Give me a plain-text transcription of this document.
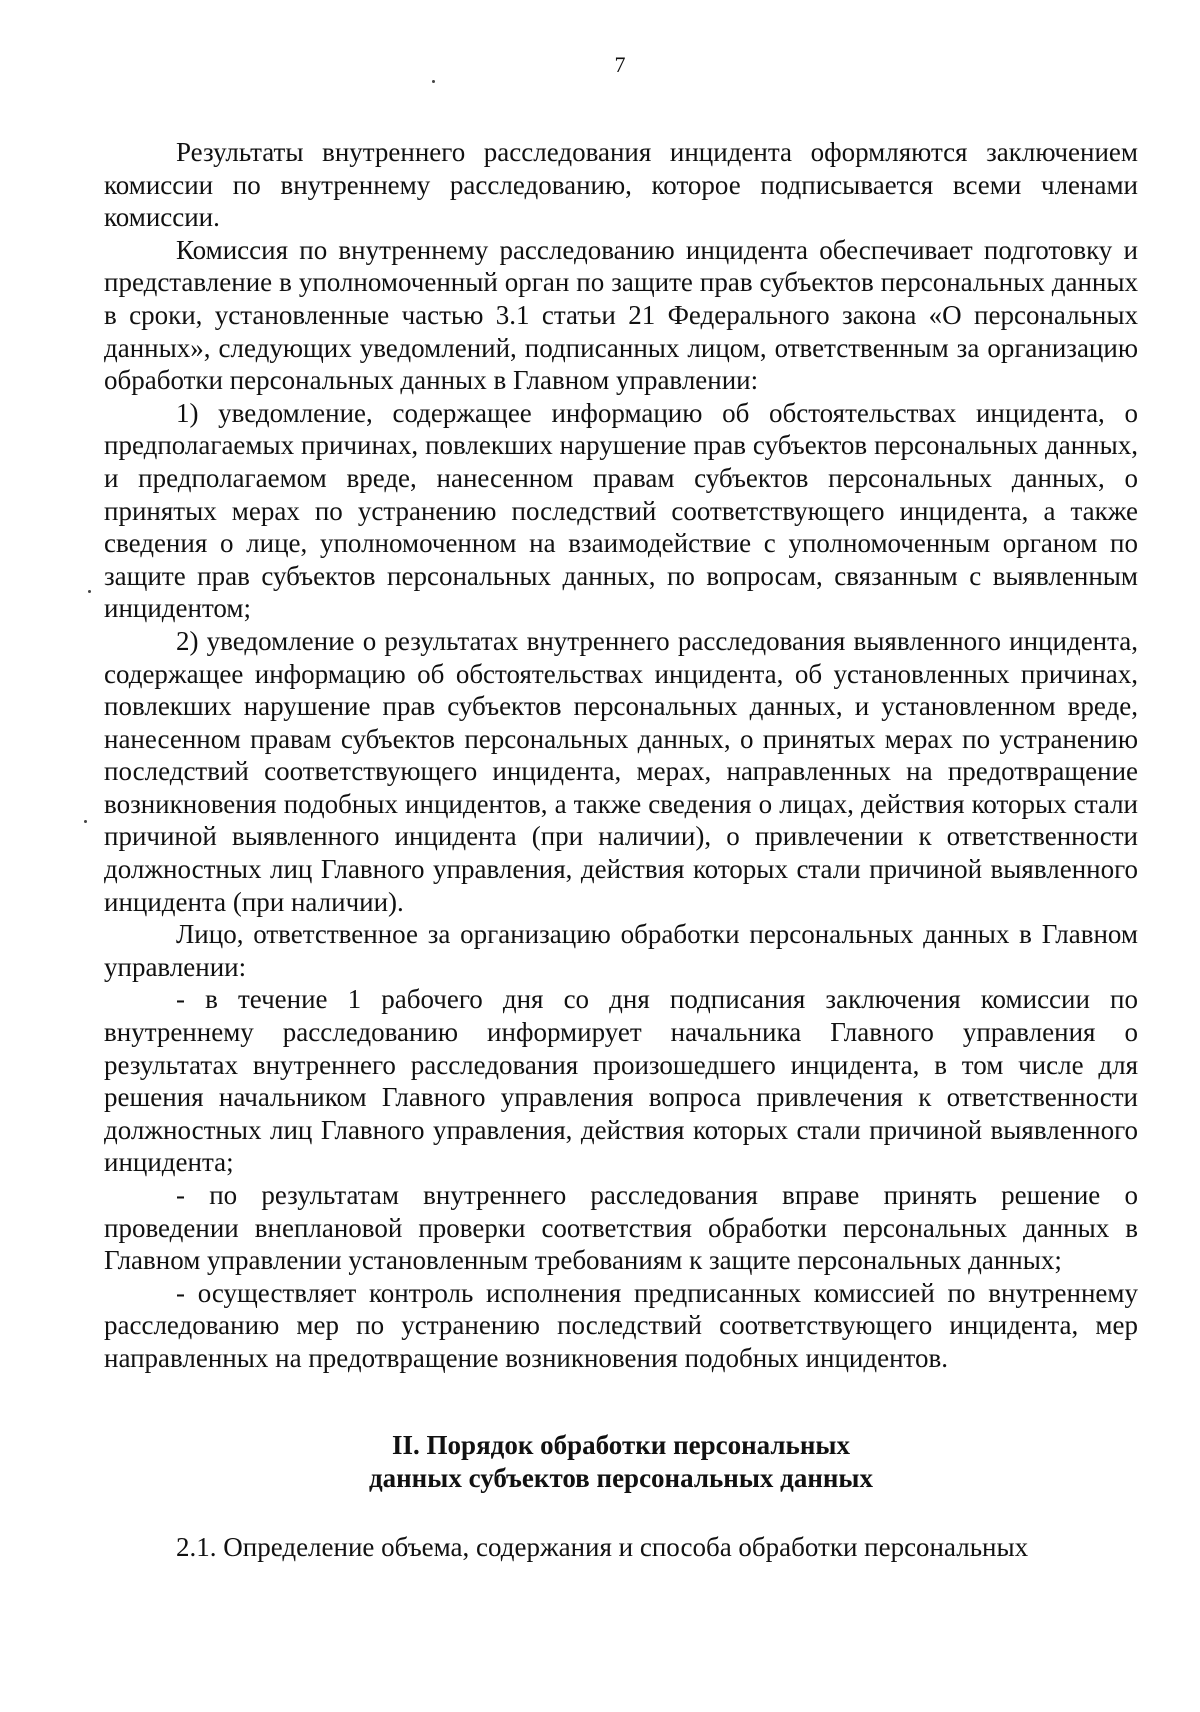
7

Результаты внутреннего расследования инцидента оформляются заключением комиссии по внутреннему расследованию, которое подписывается всеми членами комиссии.

Комиссия по внутреннему расследованию инцидента обеспечивает подготовку и представление в уполномоченный орган по защите прав субъектов персональных данных в сроки, установленные частью 3.1 статьи 21 Федерального закона «О персональных данных», следующих уведомлений, подписанных лицом, ответственным за организацию обработки персональных данных в Главном управлении:

1) уведомление, содержащее информацию об обстоятельствах инцидента, о предполагаемых причинах, повлекших нарушение прав субъектов персональных данных, и предполагаемом вреде, нанесенном правам субъектов персональных данных, о принятых мерах по устранению последствий соответствующего инцидента, а также сведения о лице, уполномоченном на взаимодействие с уполномоченным органом по защите прав субъектов персональных данных, по вопросам, связанным с выявленным инцидентом;

2) уведомление о результатах внутреннего расследования выявленного инцидента, содержащее информацию об обстоятельствах инцидента, об установленных причинах, повлекших нарушение прав субъектов персональных данных, и установленном вреде, нанесенном правам субъектов персональных данных, о принятых мерах по устранению последствий соответствующего инцидента, мерах, направленных на предотвращение возникновения подобных инцидентов, а также сведения о лицах, действия которых стали причиной выявленного инцидента (при наличии), о привлечении к ответственности должностных лиц Главного управления, действия которых стали причиной выявленного инцидента (при наличии).

Лицо, ответственное за организацию обработки персональных данных в Главном управлении:

- в течение 1 рабочего дня со дня подписания заключения комиссии по внутреннему расследованию информирует начальника Главного управления о результатах внутреннего расследования произошедшего инцидента, в том числе для решения начальником Главного управления вопроса привлечения к ответственности должностных лиц Главного управления, действия которых стали причиной выявленного инцидента;

- по результатам внутреннего расследования вправе принять решение о проведении внеплановой проверки соответствия обработки персональных данных в Главном управлении установленным требованиям к защите персональных данных;

- осуществляет контроль исполнения предписанных комиссией по внутреннему расследованию мер по устранению последствий соответствующего инцидента, мер направленных на предотвращение возникновения подобных инцидентов.

II. Порядок обработки персональных
данных субъектов персональных данных

2.1. Определение объема, содержания и способа обработки персональных
